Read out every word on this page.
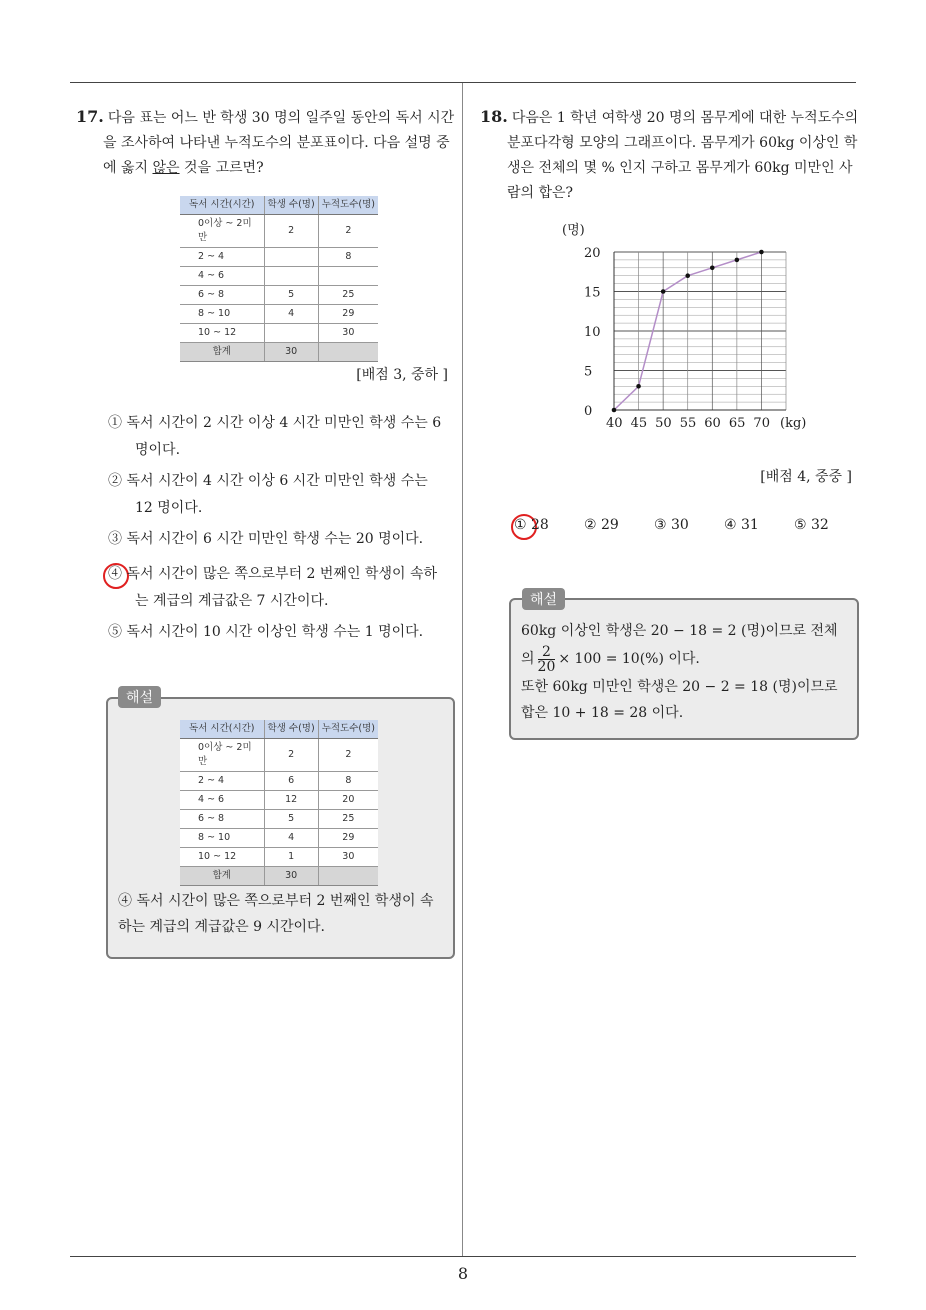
8

17. 다음 표는 어느 반 학생 30 명의 일주일 동안의 독서 시간을 조사하여 나타낸 누적도수의 분포표이다. 다음 설명 중에 옳지 않은 것을 고르면?

독서 시간(시간)	학생 수(명)	누적도수(명)
0이상 ~ 2미만	2	2
2 ~ 4		8
4 ~ 6		
6 ~ 8	5	25
8 ~ 10	4	29
10 ~ 12		30
합계	30	
[배점 3, 중하 ]

① 독서 시간이 2 시간 이상 4 시간 미만인 학생 수는 6 명이다.

② 독서 시간이 4 시간 이상 6 시간 미만인 학생 수는 12 명이다.

③ 독서 시간이 6 시간 미만인 학생 수는 20 명이다.

④ 독서 시간이 많은 쪽으로부터 2 번째인 학생이 속하는 계급의 계급값은 7 시간이다.

⑤ 독서 시간이 10 시간 이상인 학생 수는 1 명이다.

해설
독서 시간(시간)	학생 수(명)	누적도수(명)
0이상 ~ 2미만	2	2
2 ~ 4	6	8
4 ~ 6	12	20
6 ~ 8	5	25
8 ~ 10	4	29
10 ~ 12	1	30
합계	30	
④ 독서 시간이 많은 쪽으로부터 2 번째인 학생이 속하는 계급의 계급값은 9 시간이다.

18. 다음은 1 학년 여학생 20 명의 몸무게에 대한 누적도수의 분포다각형 모양의 그래프이다. 몸무게가 60kg 이상인 학생은 전체의 몇 % 인지 구하고 몸무게가 60kg 미만인 사람의 합은?

0
5
10
15
20
40 45 50 55 60 65 70
(명)
(kg)
[배점 4, 중중 ]
① 28	② 29	③ 30	④ 31	⑤ 32
해설
60kg 이상인 학생은 20 − 18 = 2 (명)이므로 전체
의 $\frac{2}{20} \times 100 = 10(\%)$ 이다.
또한 60kg 미만인 학생은 20 − 2 = 18 (명)이므로
합은 10 + 18 = 28 이다.
